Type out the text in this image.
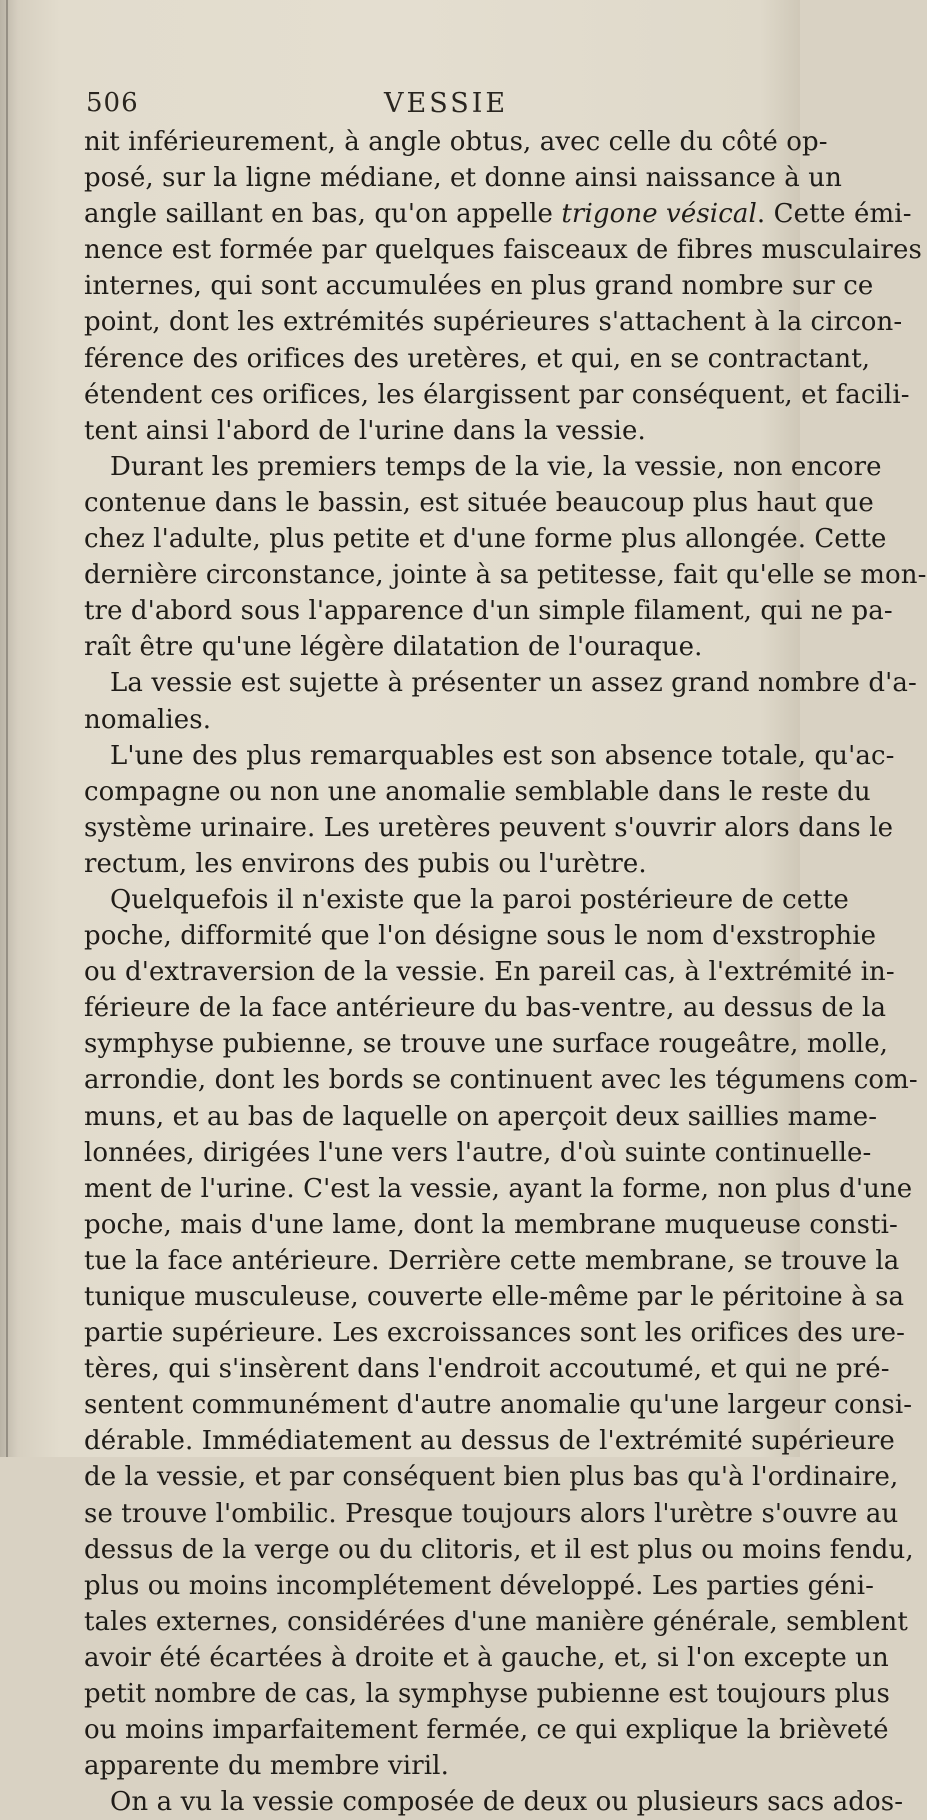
506	VESSIE
nit inférieurement, à angle obtus, avec celle du côté op-
posé, sur la ligne médiane, et donne ainsi naissance à un
angle saillant en bas, qu'on appelle trigone vésical. Cette émi-
nence est formée par quelques faisceaux de fibres musculaires
internes, qui sont accumulées en plus grand nombre sur ce
point, dont les extrémités supérieures s'attachent à la circon-
férence des orifices des uretères, et qui, en se contractant,
étendent ces orifices, les élargissent par conséquent, et facili-
tent ainsi l'abord de l'urine dans la vessie.
Durant les premiers temps de la vie, la vessie, non encore
contenue dans le bassin, est située beaucoup plus haut que
chez l'adulte, plus petite et d'une forme plus allongée. Cette
dernière circonstance, jointe à sa petitesse, fait qu'elle se mon-
tre d'abord sous l'apparence d'un simple filament, qui ne pa-
raît être qu'une légère dilatation de l'ouraque.
La vessie est sujette à présenter un assez grand nombre d'a-
nomalies.
L'une des plus remarquables est son absence totale, qu'ac-
compagne ou non une anomalie semblable dans le reste du
système urinaire. Les uretères peuvent s'ouvrir alors dans le
rectum, les environs des pubis ou l'urètre.
Quelquefois il n'existe que la paroi postérieure de cette
poche, difformité que l'on désigne sous le nom d'exstrophie
ou d'extraversion de la vessie. En pareil cas, à l'extrémité in-
férieure de la face antérieure du bas-ventre, au dessus de la
symphyse pubienne, se trouve une surface rougeâtre, molle,
arrondie, dont les bords se continuent avec les tégumens com-
muns, et au bas de laquelle on aperçoit deux saillies mame-
lonnées, dirigées l'une vers l'autre, d'où suinte continuelle-
ment de l'urine. C'est la vessie, ayant la forme, non plus d'une
poche, mais d'une lame, dont la membrane muqueuse consti-
tue la face antérieure. Derrière cette membrane, se trouve la
tunique musculeuse, couverte elle-même par le péritoine à sa
partie supérieure. Les excroissances sont les orifices des ure-
tères, qui s'insèrent dans l'endroit accoutumé, et qui ne pré-
sentent communément d'autre anomalie qu'une largeur consi-
dérable. Immédiatement au dessus de l'extrémité supérieure
de la vessie, et par conséquent bien plus bas qu'à l'ordinaire,
se trouve l'ombilic. Presque toujours alors l'urètre s'ouvre au
dessus de la verge ou du clitoris, et il est plus ou moins fendu,
plus ou moins incomplétement développé. Les parties géni-
tales externes, considérées d'une manière générale, semblent
avoir été écartées à droite et à gauche, et, si l'on excepte un
petit nombre de cas, la symphyse pubienne est toujours plus
ou moins imparfaitement fermée, ce qui explique la brièveté
apparente du membre viril.
On a vu la vessie composée de deux ou plusieurs sacs ados-
